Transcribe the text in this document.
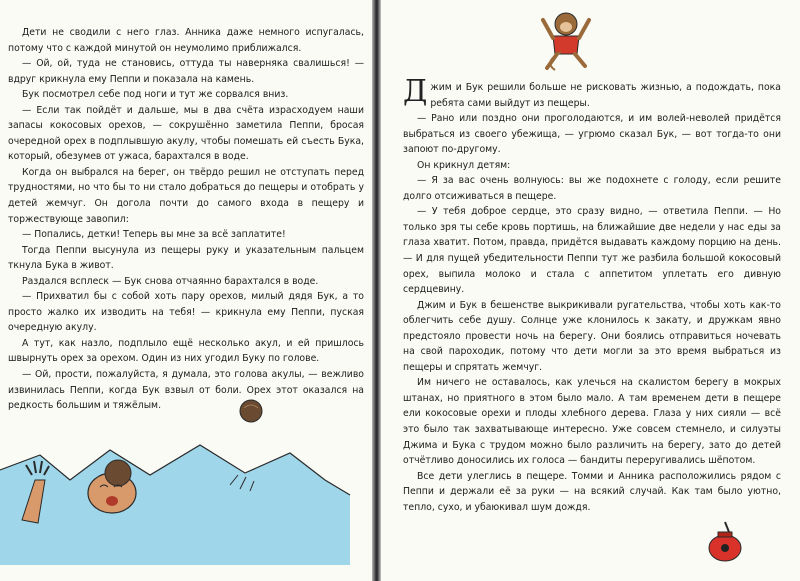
Дети не сводили с него глаз. Анника даже немного испугалась, потому что с каждой минутой он неумолимо приближался.

— Ой, ой, туда не становись, оттуда ты наверняка свалишься! — вдруг крикнула ему Пеппи и показала на камень.

Бук посмотрел себе под ноги и тут же сорвался вниз.

— Если так пойдёт и дальше, мы в два счёта израсходуем наши запасы кокосовых орехов, — сокрушённо заметила Пеппи, бросая очередной орех в подплывшую акулу, чтобы помешать ей съесть Бука, который, обезумев от ужаса, барахтался в воде.

Когда он выбрался на берег, он твёрдо решил не отступать перед трудностями, но что бы то ни стало добраться до пещеры и отобрать у детей жемчуг. Он догола почти до самого входа в пещеру и торжествующе завопил:

— Попались, детки! Теперь вы мне за всё заплатите!

Тогда Пеппи высунула из пещеры руку и указательным пальцем ткнула Бука в живот.

Раздался всплеск — Бук снова отчаянно барахтался в воде.

— Прихватил бы с собой хоть пару орехов, милый дядя Бук, а то просто жалко их изводить на тебя! — крикнула ему Пеппи, пуская очередную акулу.

А тут, как назло, подплыло ещё несколько акул, и ей пришлось швырнуть орех за орехом. Один из них угодил Буку по голове.

— Ой, прости, пожалуйста, я думала, это голова акулы, — вежливо извинилась Пеппи, когда Бук взвыл от боли. Орех этот оказался на редкость большим и тяжёлым.

Джим и Бук решили больше не рисковать жизнью, а подождать, пока ребята сами выйдут из пещеры.

— Рано или поздно они проголодаются, и им волей-неволей придётся выбраться из своего убежища, — угрюмо сказал Бук, — вот тогда-то они запоют по-другому.

Он крикнул детям:

— Я за вас очень волнуюсь: вы же подохнете с голоду, если решите долго отсиживаться в пещере.

— У тебя доброе сердце, это сразу видно, — ответила Пеппи. — Но только зря ты себе кровь портишь, на ближайшие две недели у нас еды за глаза хватит. Потом, правда, придётся выдавать каждому порцию на день. — И для пущей убедительности Пеппи тут же разбила большой кокосовый орех, выпила молоко и стала с аппетитом уплетать его дивную сердцевину.

Джим и Бук в бешенстве выкрикивали ругательства, чтобы хоть как-то облегчить себе душу. Солнце уже клонилось к закату, и дружкам явно предстояло провести ночь на берегу. Они боялись отправиться ночевать на свой пароходик, потому что дети могли за это время выбраться из пещеры и спрятать жемчуг.

Им ничего не оставалось, как улечься на скалистом берегу в мокрых штанах, но приятного в этом было мало. А там временем дети в пещере ели кокосовые орехи и плоды хлебного дерева. Глаза у них сияли — всё это было так захватывающе интересно. Уже совсем стемнело, и силуэты Джима и Бука с трудом можно было различить на берегу, зато до детей отчётливо доносились их голоса — бандиты переругивались шёпотом.

Все дети улеглись в пещере. Томми и Анника расположились рядом с Пеппи и держали её за руки — на всякий случай. Как там было уютно, тепло, сухо, и убаюкивал шум дождя.
